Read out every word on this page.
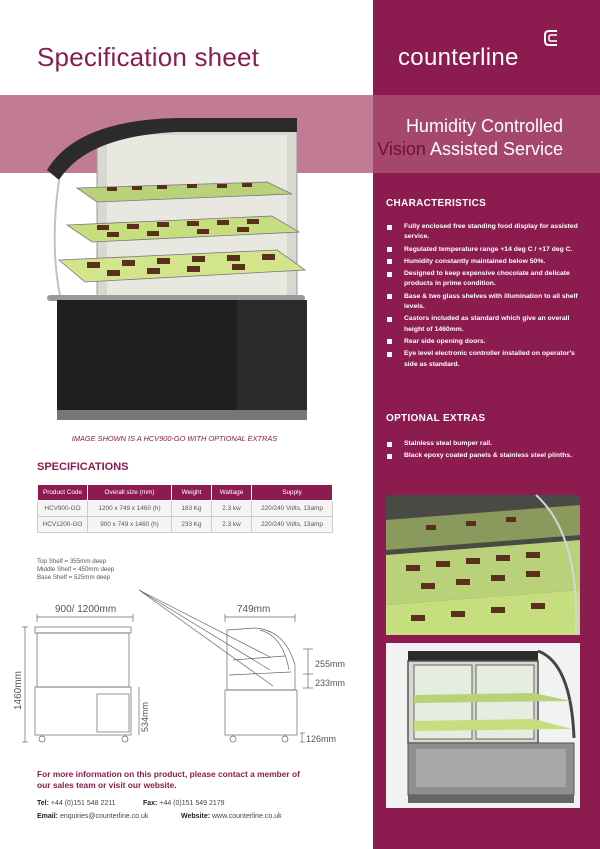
Specification sheet	counterline
Humidity Controlled
Vision Assisted Service
IMAGE SHOWN IS A HCV900-GO WITH OPTIONAL EXTRAS
SPECIFICATIONS
Product Code	Overall size (mm)	Weight	Wattage	Supply
HCV900-GO	1200 x 749 x 1460 (h)	183 Kg	2.3 kw	220/240 Volts, 13amp
HCV1200-GO	900 x 749 x 1460 (h)	233 Kg	2.3 kw	220/240 Volts, 13amp
Top Shelf = 355mm deep
Middle Shelf = 450mm deep
Base Shelf = 525mm deep
900/ 1200mm	749mm
1460mm
534mm
255mm
233mm
126mm
For more information on this product, please contact a member of
our sales team or visit our website.
Tel: +44 (0)151 548 2211	Fax: +44 (0)151 549 2179
Email: enquiries@counterline.co.uk	Website: www.counterline.co.uk
CHARACTERISTICS
Fully enclosed free standing food display for assisted service.
Regulated temperature range +14 deg C / +17 deg C.
Humidity constantly maintained below 50%.
Designed to keep expensive chocolate and delicate products in prime condition.
Base & two glass shelves with illumination to all shelf levels.
Castors included as standard which give an overall height of 1460mm.
Rear side opening doors.
Eye level electronic controller installed on operator's side as standard.
OPTIONAL EXTRAS
Stainless steal bumper rail.
Black epoxy coated panels & stainless steel plinths.
